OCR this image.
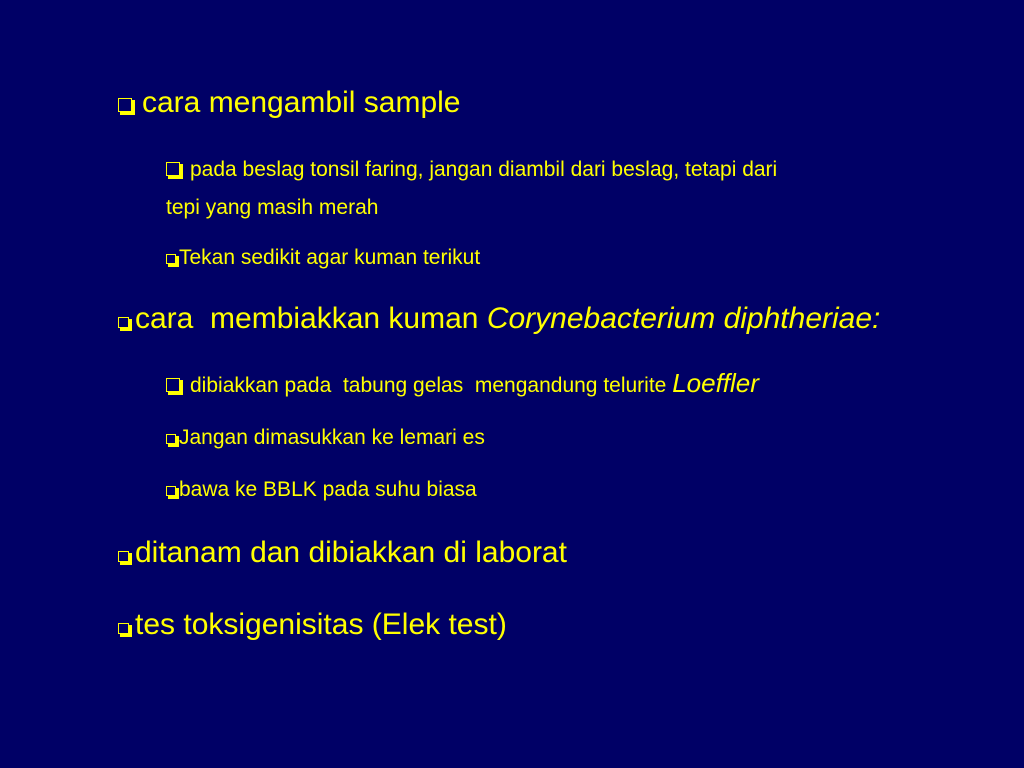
cara mengambil sample
pada beslag tonsil faring, jangan diambil dari beslag, tetapi dari
tepi yang masih merah
Tekan sedikit agar kuman terikut
cara  membiakkan kuman Corynebacterium diphtheriae:
dibiakkan pada  tabung gelas  mengandung telurite Loeffler
Jangan dimasukkan ke lemari es
bawa ke BBLK pada suhu biasa
ditanam dan dibiakkan di laborat
tes toksigenisitas (Elek test)
